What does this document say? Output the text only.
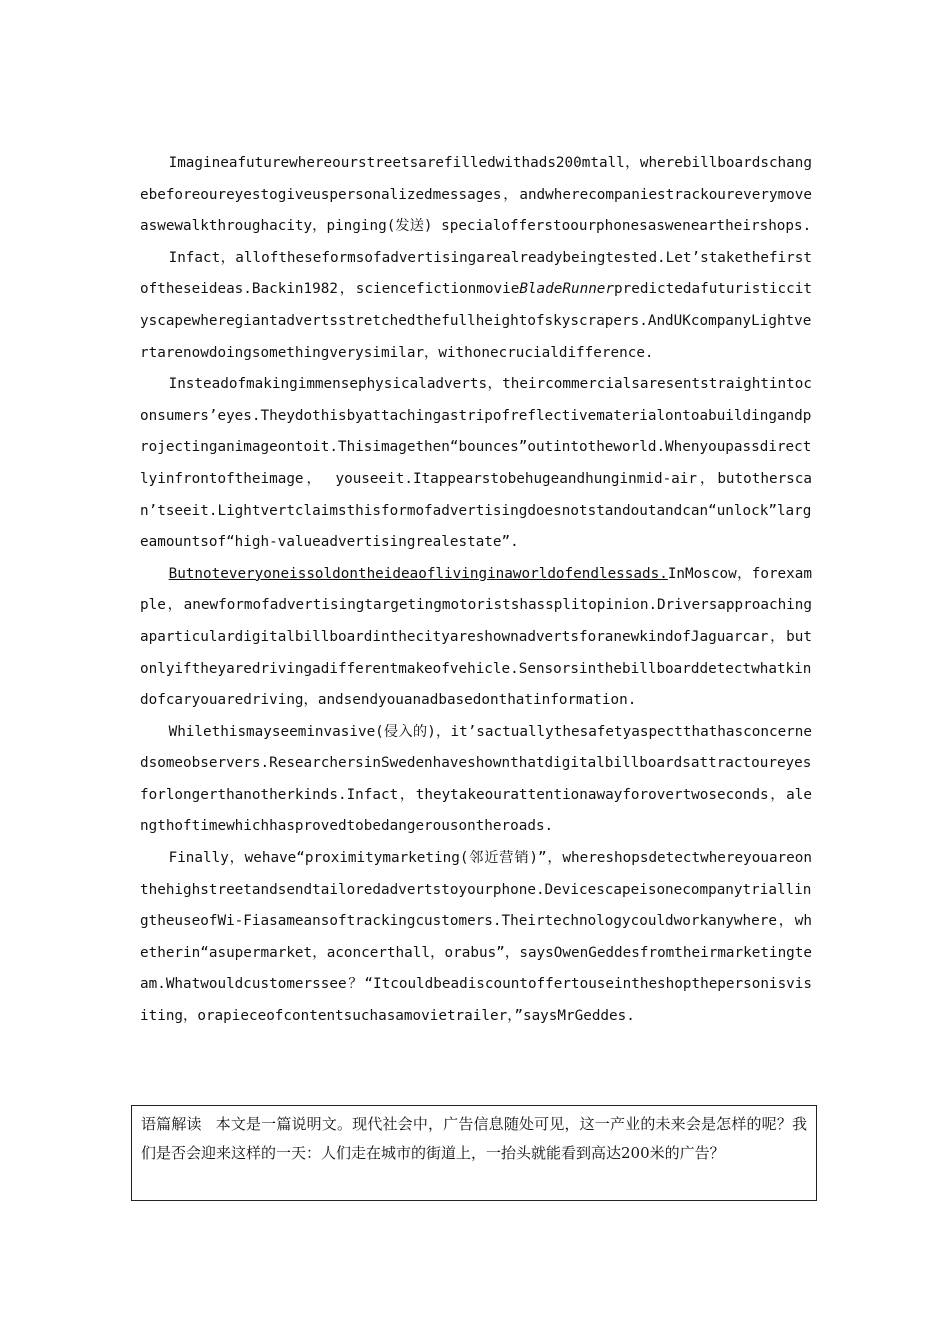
Imagineafuturewhereourstreetsarefilledwithads200mtall，wherebillboardschangebeforeoureyestogiveuspersonalizedmessages，andwherecompaniestrackoureverymoveaswewalkthroughacity，pinging(发送) specialofferstoourphonesasweneartheirshops.

Infact，alloftheseformsofadvertisingarealreadybeingtested.Let’stakethefirstoftheseideas.Backin1982，sciencefictionmovieBladeRunnerpredictedafuturisticcityscapewheregiantadvertsstretchedthefullheightofskyscrapers.AndUKcompanyLightvertarenowdoingsomethingverysimilar，withonecrucialdifference.

Insteadofmakingimmensephysicaladverts，theircommercialsaresentstraightintoconsumers’eyes.Theydothisbyattachingastripofreflectivematerialontoabuildingandprojectinganimageontoit.Thisimagethen“bounces”outintotheworld.Whenyoupassdirectlyinfrontoftheimage， youseeit.Itappearstobehugeandhunginmid-air，butotherscan’tseeit.Lightvertclaimsthisformofadvertisingdoesnotstandoutandcan“unlock”largeamountsof“high-valueadvertisingrealestate”.

Butnoteveryoneissoldontheideaoflivinginaworldofendlessads.InMoscow，forexample，anewformofadvertisingtargetingmotoristshassplitopinion.DriversapproachingaparticulardigitalbillboardinthecityareshownadvertsforanewkindofJaguarcar，butonlyiftheyaredrivingadifferentmakeofvehicle.Sensorsinthebillboarddetectwhatkindofcaryouaredriving，andsendyouanadbasedonthatinformation.

Whilethismayseeminvasive(侵入的)，it’sactuallythesafetyaspectthathasconcernedsomeobservers.ResearchersinSwedenhaveshownthatdigitalbillboardsattractoureyesforlongerthanotherkinds.Infact，theytakeourattentionawayforovertwoseconds，alengthoftimewhichhasprovedtobedangerousontheroads.

Finally，wehave“proximitymarketing(邻近营销)”，whereshopsdetectwhereyouareonthehighstreetandsendtailoredadvertstoyourphone.DevicescapeisonecompanytriallingtheuseofWi-Fiasameansoftrackingcustomers.Theirtechnologycouldworkanywhere，whetherin“asupermarket，aconcerthall，orabus”，saysOwenGeddesfromtheirmarketingteam.Whatwouldcustomerssee？“Itcouldbeadiscountoffertouseintheshopthepersonisvisiting，orapieceofcontentsuchasamovietrailer，”saysMrGeddes.

语篇解读 本文是一篇说明文。现代社会中，广告信息随处可见，这一产业的未来会是怎样的呢？我们是否会迎来这样的一天：人们走在城市的街道上，一抬头就能看到高达200米的广告？
